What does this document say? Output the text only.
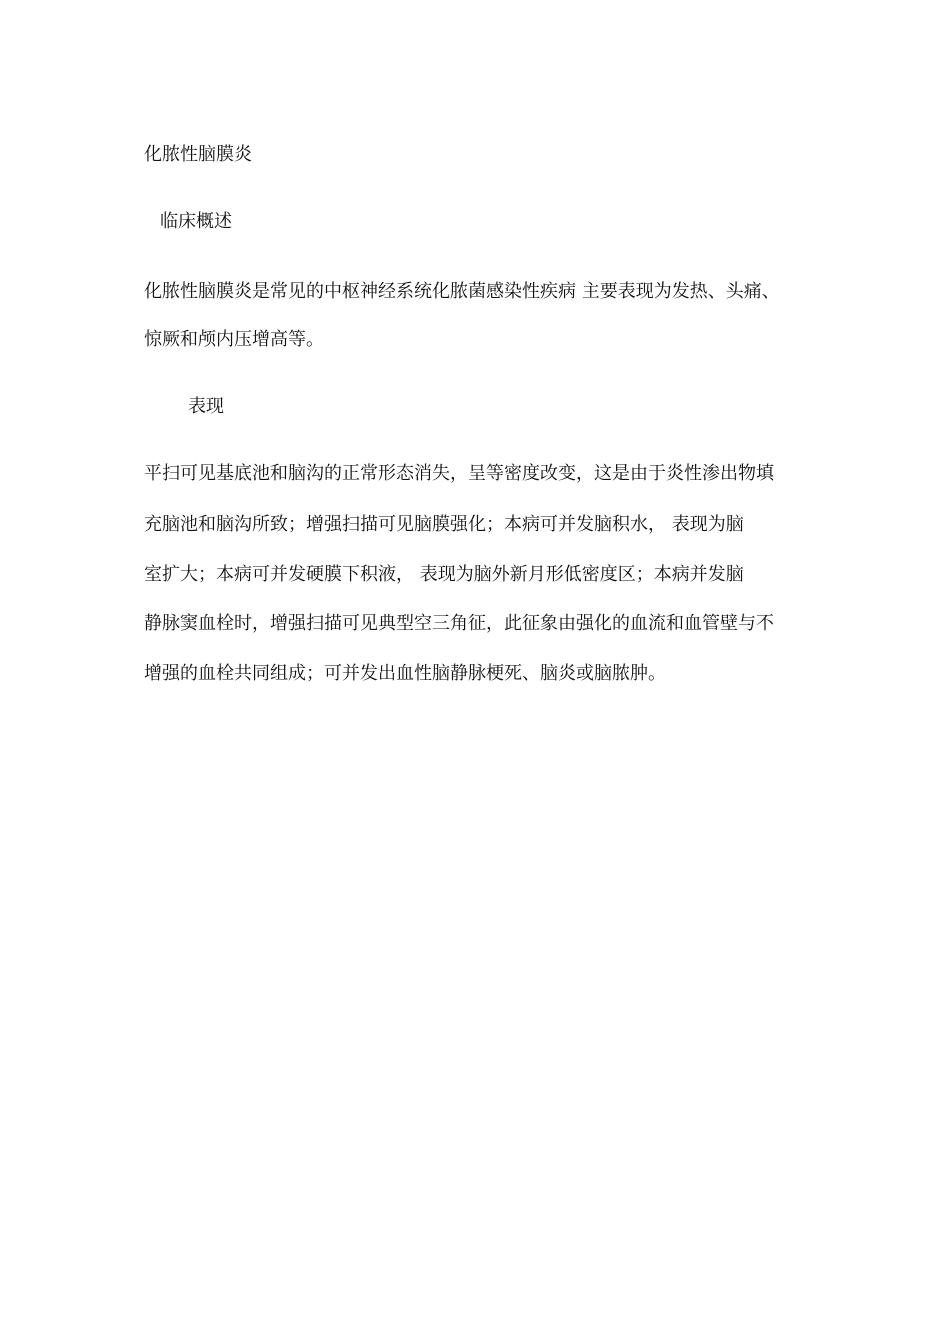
化脓性脑膜炎
临床概述
化脓性脑膜炎是常见的中枢神经系统化脓菌感染性疾病 主要表现为发热、头痛、
惊厥和颅内压增高等。
表现
平扫可见基底池和脑沟的正常形态消失，呈等密度改变，这是由于炎性渗出物填
充脑池和脑沟所致；增强扫描可见脑膜强化；本病可并发脑积水， 表现为脑
室扩大；本病可并发硬膜下积液， 表现为脑外新月形低密度区；本病并发脑
静脉窦血栓时，增强扫描可见典型空三角征，此征象由强化的血流和血管壁与不
增强的血栓共同组成；可并发出血性脑静脉梗死、脑炎或脑脓肿。
